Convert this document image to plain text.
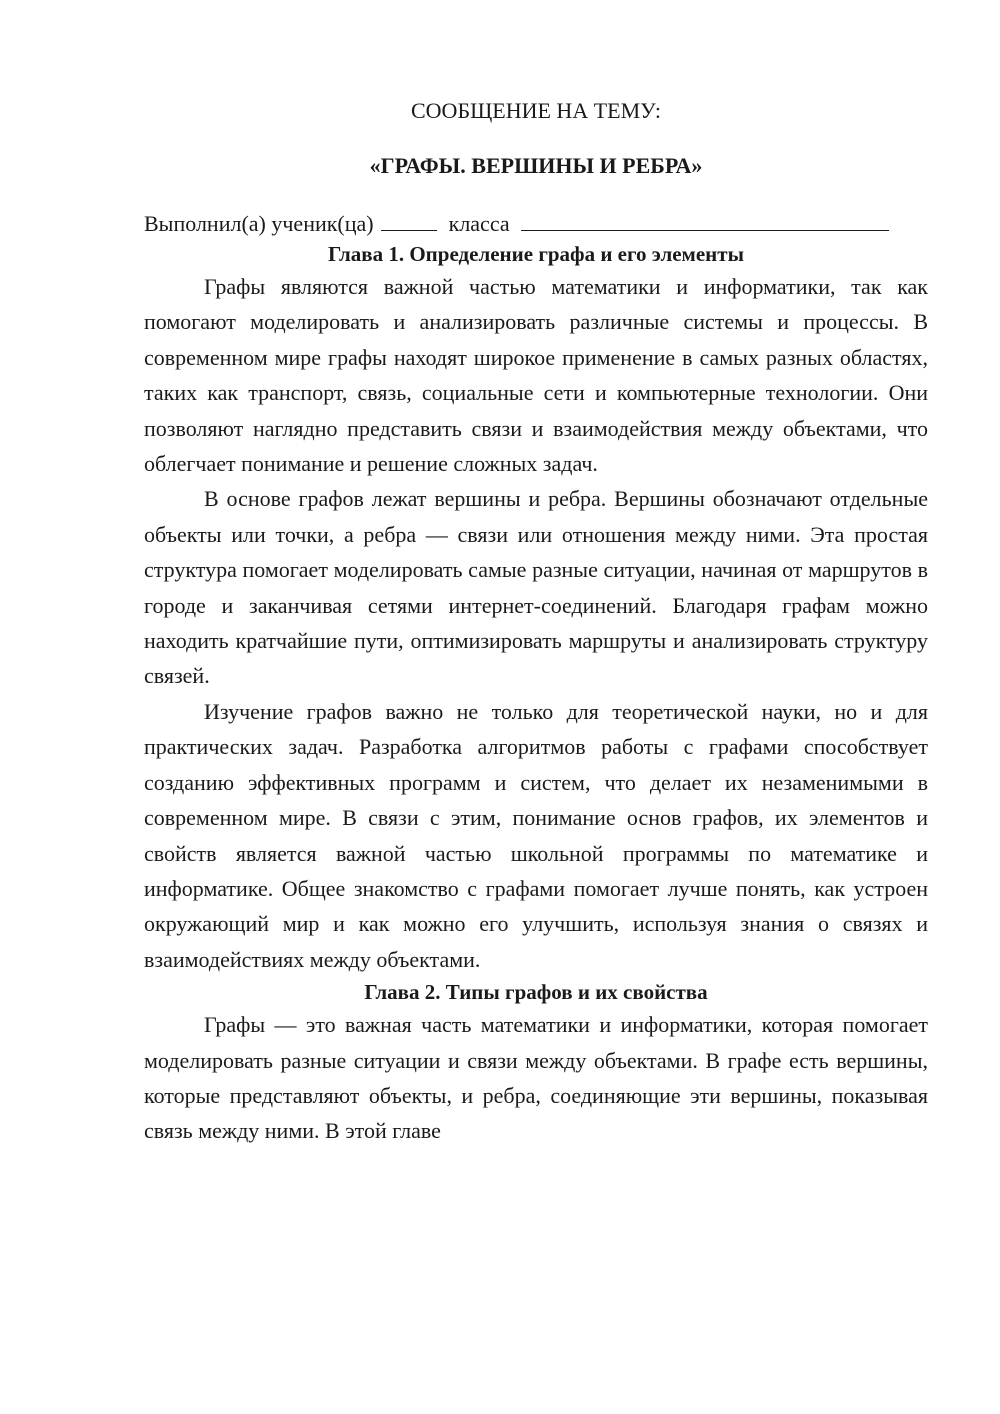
СООБЩЕНИЕ НА ТЕМУ:

«ГРАФЫ. ВЕРШИНЫ И РЕБРА»

Выполнил(а) ученик(ца)	класса
Глава 1. Определение графа и его элементы

Графы являются важной частью математики и информатики, так как помогают моделировать и анализировать различные системы и процессы. В современном мире графы находят широкое применение в самых разных областях, таких как транспорт, связь, социальные сети и компьютерные технологии. Они позволяют наглядно представить связи и взаимодействия между объектами, что облегчает понимание и решение сложных задач.

В основе графов лежат вершины и ребра. Вершины обозначают отдельные объекты или точки, а ребра — связи или отношения между ними. Эта простая структура помогает моделировать самые разные ситуации, начиная от маршрутов в городе и заканчивая сетями интернет-соединений. Благодаря графам можно находить кратчайшие пути, оптимизировать маршруты и анализировать структуру связей.

Изучение графов важно не только для теоретической науки, но и для практических задач. Разработка алгоритмов работы с графами способствует созданию эффективных программ и систем, что делает их незаменимыми в современном мире. В связи с этим, понимание основ графов, их элементов и свойств является важной частью школьной программы по математике и информатике. Общее знакомство с графами помогает лучше понять, как устроен окружающий мир и как можно его улучшить, используя знания о связях и взаимодействиях между объектами.

Глава 2. Типы графов и их свойства

Графы — это важная часть математики и информатики, которая помогает моделировать разные ситуации и связи между объектами. В графе есть вершины, которые представляют объекты, и ребра, соединяющие эти вершины, показывая связь между ними. В этой главе
